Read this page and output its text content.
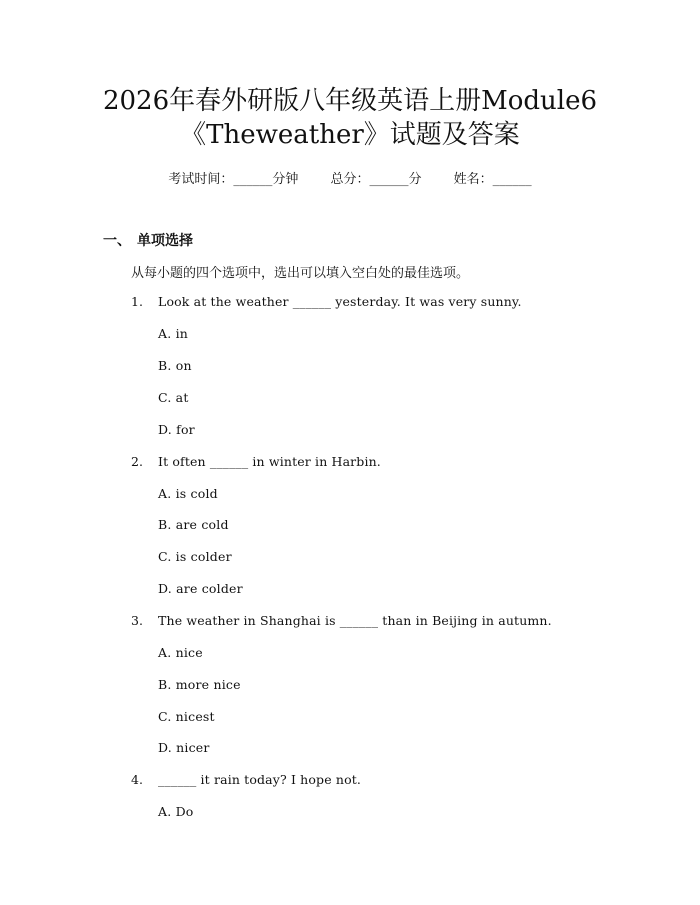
2026年春外研版八年级英语上册Module6
《Theweather》试题及答案
考试时间：______分钟 总分：______分 姓名：______
一、 单项选择
从每小题的四个选项中，选出可以填入空白处的最佳选项。
1. Look at the weather ______ yesterday. It was very sunny.
A. in
B. on
C. at
D. for
2. It often ______ in winter in Harbin.
A. is cold
B. are cold
C. is colder
D. are colder
3. The weather in Shanghai is ______ than in Beijing in autumn.
A. nice
B. more nice
C. nicest
D. nicer
4. ______ it rain today? I hope not.
A. Do
